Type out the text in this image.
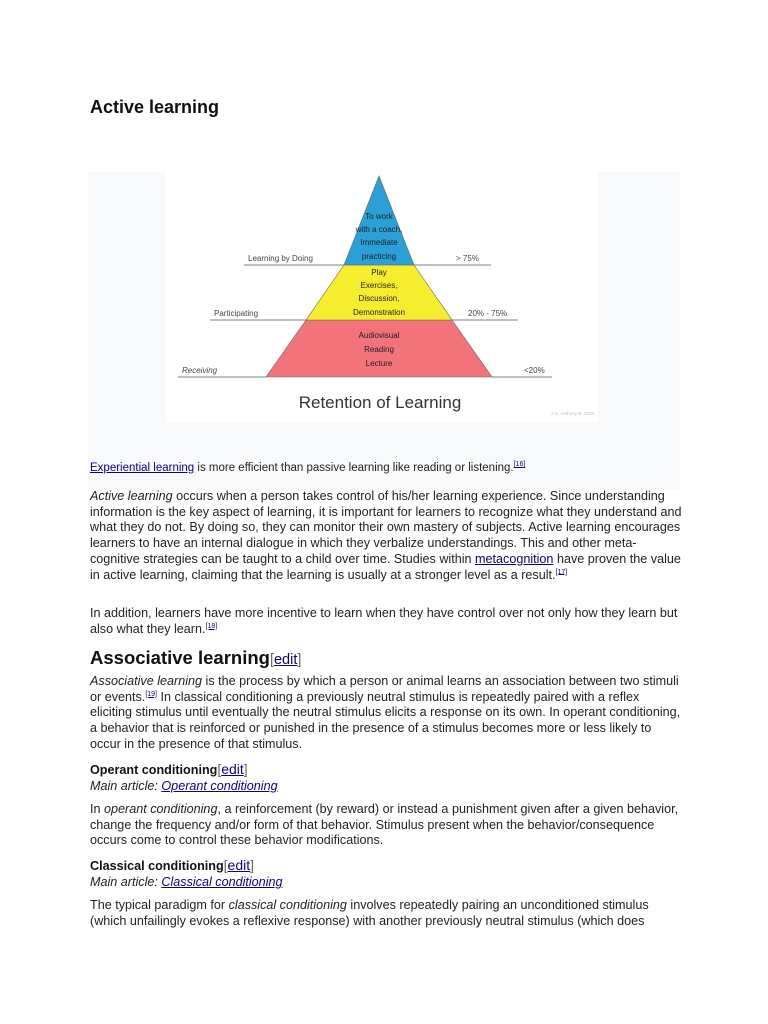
Active learning
To work
with a coach,
Immediate
practicing
Play
Exercises,
Discussion,
Demonstration
Audiovisual
Reading
Lecture
Learning by Doing
Participating
Receiving
> 75%
20% - 75%
<20%
Retention of Learning
J. K. Anthony-B. 2015
Experiential learning is more efficient than passive learning like reading or listening.[16]

Active learning occurs when a person takes control of his/her learning experience. Since understanding information is the key aspect of learning, it is important for learners to recognize what they understand and what they do not. By doing so, they can monitor their own mastery of subjects. Active learning encourages learners to have an internal dialogue in which they verbalize understandings. This and other meta-cognitive strategies can be taught to a child over time. Studies within metacognition have proven the value in active learning, claiming that the learning is usually at a stronger level as a result.[17]

In addition, learners have more incentive to learn when they have control over not only how they learn but also what they learn.[18]

Associative learning[edit]

Associative learning is the process by which a person or animal learns an association between two stimuli or events.[19] In classical conditioning a previously neutral stimulus is repeatedly paired with a reflex eliciting stimulus until eventually the neutral stimulus elicits a response on its own. In operant conditioning, a behavior that is reinforced or punished in the presence of a stimulus becomes more or less likely to occur in the presence of that stimulus.

Operant conditioning[edit]
Main article: Operant conditioning

In operant conditioning, a reinforcement (by reward) or instead a punishment given after a given behavior, change the frequency and/or form of that behavior. Stimulus present when the behavior/consequence occurs come to control these behavior modifications.

Classical conditioning[edit]
Main article: Classical conditioning

The typical paradigm for classical conditioning involves repeatedly pairing an unconditioned stimulus (which unfailingly evokes a reflexive response) with another previously neutral stimulus (which does
